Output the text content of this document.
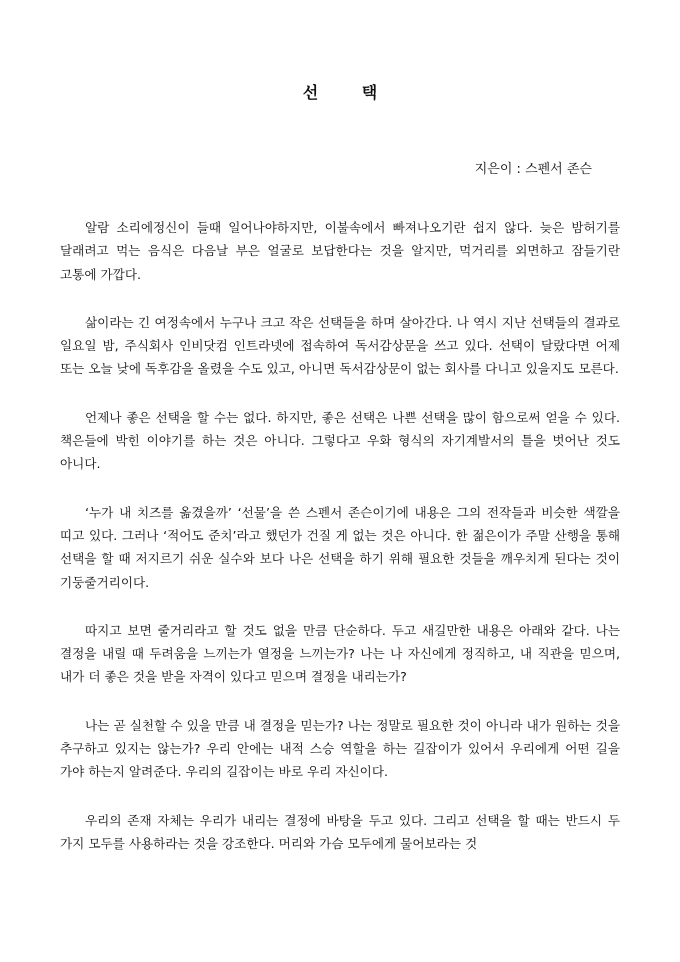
선 택
지은이 : 스펜서 존슨

알람 소리에정신이 들때 일어나야하지만, 이불속에서 빠져나오기란 쉽지 않다. 늦은 밤허기를 달래려고 먹는 음식은 다음날 부은 얼굴로 보답한다는 것을 알지만, 먹거리를 외면하고 잠들기란 고통에 가깝다.

삶이라는 긴 여정속에서 누구나 크고 작은 선택들을 하며 살아간다. 나 역시 지난 선택들의 결과로 일요일 밤, 주식회사 인비닷컴 인트라넷에 접속하여 독서감상문을 쓰고 있다. 선택이 달랐다면 어제 또는 오늘 낮에 독후감을 올렸을 수도 있고, 아니면 독서감상문이 없는 회사를 다니고 있을지도 모른다.

언제나 좋은 선택을 할 수는 없다. 하지만, 좋은 선택은 나쁜 선택을 많이 함으로써 얻을 수 있다. 책은들에 박힌 이야기를 하는 것은 아니다. 그렇다고 우화 형식의 자기계발서의 틀을 벗어난 것도 아니다.

‘누가 내 치즈를 옮겼을까’ ‘선물’을 쓴 스펜서 존슨이기에 내용은 그의 전작들과 비슷한 색깔을 띠고 있다. 그러나 ‘적어도 준치’라고 했던가 건질 게 없는 것은 아니다. 한 젊은이가 주말 산행을 통해 선택을 할 때 저지르기 쉬운 실수와 보다 나은 선택을 하기 위해 필요한 것들을 깨우치게 된다는 것이 기둥줄거리이다.

따지고 보면 줄거리라고 할 것도 없을 만큼 단순하다. 두고 새길만한 내용은 아래와 같다. 나는 결정을 내릴 때 두려움을 느끼는가 열정을 느끼는가? 나는 나 자신에게 정직하고, 내 직관을 믿으며, 내가 더 좋은 것을 받을 자격이 있다고 믿으며 결정을 내리는가?

나는 곧 실천할 수 있을 만큼 내 결정을 믿는가? 나는 정말로 필요한 것이 아니라 내가 원하는 것을 추구하고 있지는 않는가? 우리 안에는 내적 스승 역할을 하는 길잡이가 있어서 우리에게 어떤 길을 가야 하는지 알려준다. 우리의 길잡이는 바로 우리 자신이다.

우리의 존재 자체는 우리가 내리는 결정에 바탕을 두고 있다. 그리고 선택을 할 때는 반드시 두 가지 모두를 사용하라는 것을 강조한다. 머리와 가슴 모두에게 물어보라는 것
